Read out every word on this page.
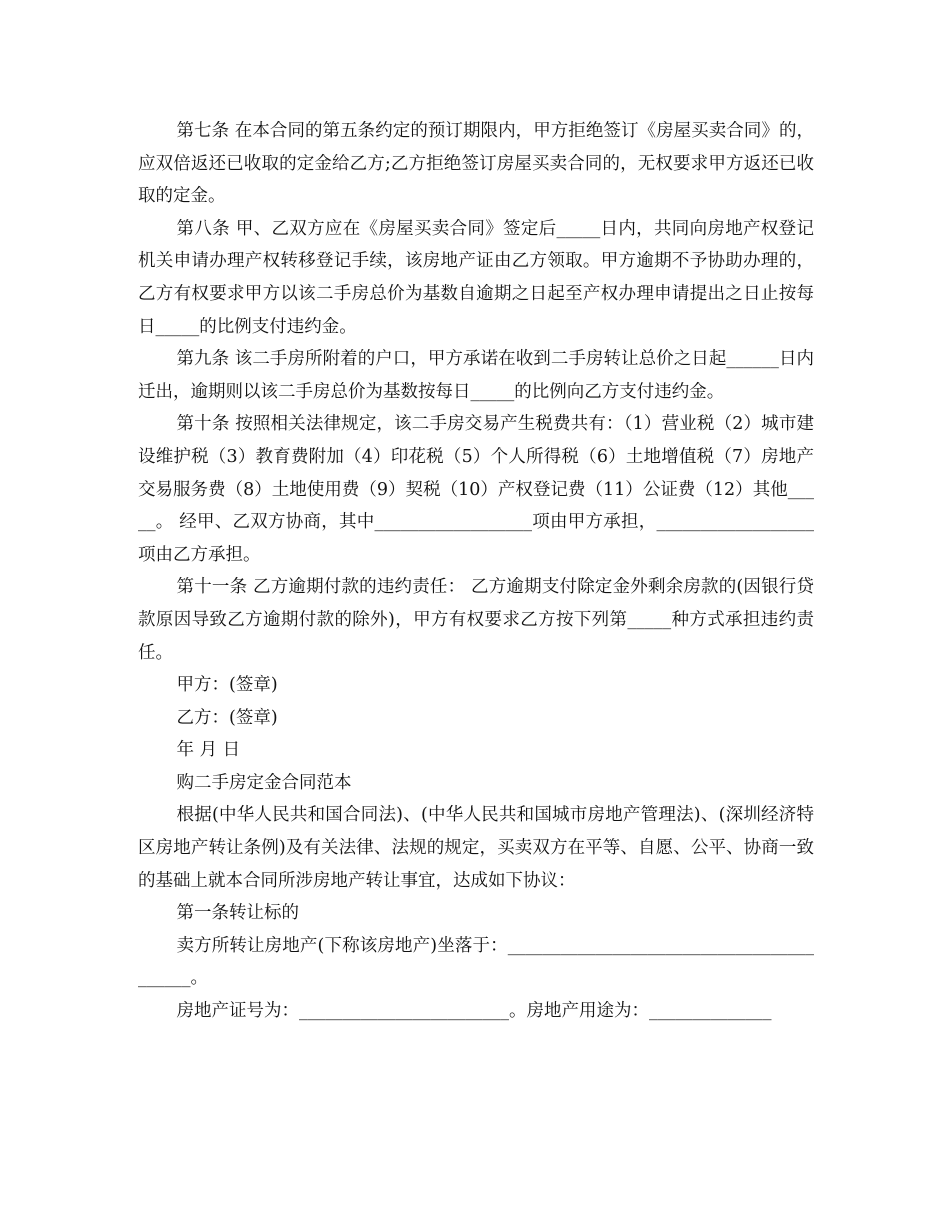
第七条 在本合同的第五条约定的预订期限内，甲方拒绝签订《房屋买卖合同》的，应双倍返还已收取的定金给乙方;乙方拒绝签订房屋买卖合同的，无权要求甲方返还已收取的定金。

第八条 甲、乙双方应在《房屋买卖合同》签定后_____日内，共同向房地产权登记机关申请办理产权转移登记手续，该房地产证由乙方领取。甲方逾期不予协助办理的，乙方有权要求甲方以该二手房总价为基数自逾期之日起至产权办理申请提出之日止按每日_____的比例支付违约金。

第九条 该二手房所附着的户口，甲方承诺在收到二手房转让总价之日起______日内迁出，逾期则以该二手房总价为基数按每日_____的比例向乙方支付违约金。

第十条 按照相关法律规定，该二手房交易产生税费共有：（1）营业税（2）城市建设维护税（3）教育费附加（4）印花税（5）个人所得税（6）土地增值税（7）房地产交易服务费（8）土地使用费（9）契税（10）产权登记费（11）公证费（12）其他_____。 经甲、乙双方协商，其中__________________项由甲方承担，__________________项由乙方承担。

第十一条 乙方逾期付款的违约责任： 乙方逾期支付除定金外剩余房款的(因银行贷款原因导致乙方逾期付款的除外)，甲方有权要求乙方按下列第_____种方式承担违约责任。

甲方：(签章)

乙方：(签章)

年 月 日

购二手房定金合同范本

根据(中华人民共和国合同法)、(中华人民共和国城市房地产管理法)、(深圳经济特区房地产转让条例)及有关法律、法规的规定，买卖双方在平等、自愿、公平、协商一致的基础上就本合同所涉房地产转让事宜，达成如下协议：

第一条转让标的

卖方所转让房地产(下称该房地产)坐落于：_________________________________________。

房地产证号为：________________________。房地产用途为：______________
